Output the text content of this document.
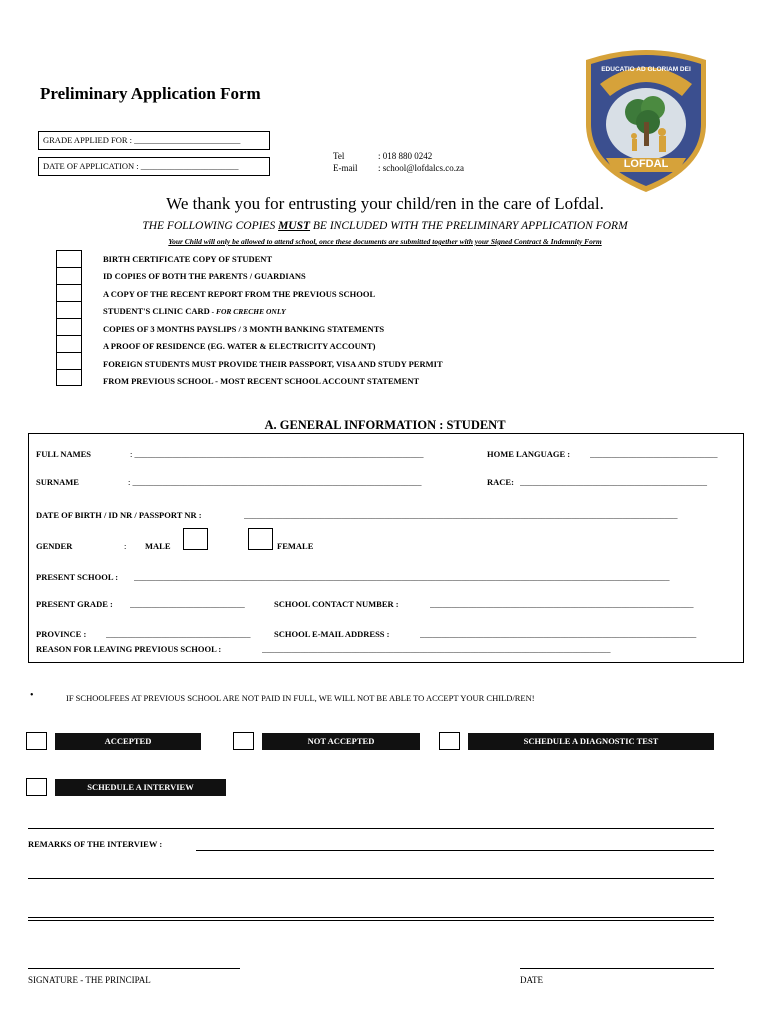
Preliminary Application Form
GRADE APPLIED FOR : _________________________
DATE OF APPLICATION : _______________________
Tel	: 018 880 0242
E-mail : school@lofdalcs.co.za
EDUCATIO AD GLORIAM DEI
LOFDAL
We thank you for entrusting your child/ren in the care of Lofdal.
THE FOLLOWING COPIES MUST BE INCLUDED WITH THE PRELIMINARY APPLICATION FORM
Your Child will only be allowed to attend school, once these documents are submitted together with your Signed Contract & Indemnity Form
BIRTH CERTIFICATE COPY OF STUDENT
ID COPIES OF BOTH THE PARENTS / GUARDIANS
A COPY OF THE RECENT REPORT FROM THE PREVIOUS SCHOOL
STUDENT'S CLINIC CARD - FOR CRECHE ONLY
COPIES OF 3 MONTHS PAYSLIPS / 3 MONTH BANKING STATEMENTS
A PROOF OF RESIDENCE (EG. WATER & ELECTRICITY ACCOUNT)
FOREIGN STUDENTS MUST PROVIDE THEIR PASSPORT, VISA AND STUDY PERMIT
FROM PREVIOUS SCHOOL - MOST RECENT SCHOOL ACCOUNT STATEMENT
A. GENERAL INFORMATION : STUDENT
FULL NAMES	: ____________________________________________________________________	HOME LANGUAGE : ______________________________
SURNAME	: ____________________________________________________________________	RACE: ____________________________________________
DATE OF BIRTH / ID NR / PASSPORT NR :	______________________________________________________________________________________________________
GENDER	: MALE	FEMALE
PRESENT SCHOOL : ______________________________________________________________________________________________________________________________
PRESENT GRADE : ___________________________	SCHOOL CONTACT NUMBER :	______________________________________________________________
PROVINCE : __________________________________	SCHOOL E-MAIL ADDRESS :	_________________________________________________________________
REASON FOR LEAVING PREVIOUS SCHOOL :	__________________________________________________________________________________
•	IF SCHOOLFEES AT PREVIOUS SCHOOL ARE NOT PAID IN FULL, WE WILL NOT BE ABLE TO ACCEPT YOUR CHILD/REN!
ACCEPTED	NOT ACCEPTED	SCHEDULE A DIAGNOSTIC TEST
SCHEDULE A INTERVIEW
REMARKS OF THE INTERVIEW :
SIGNATURE - THE PRINCIPAL	DATE
